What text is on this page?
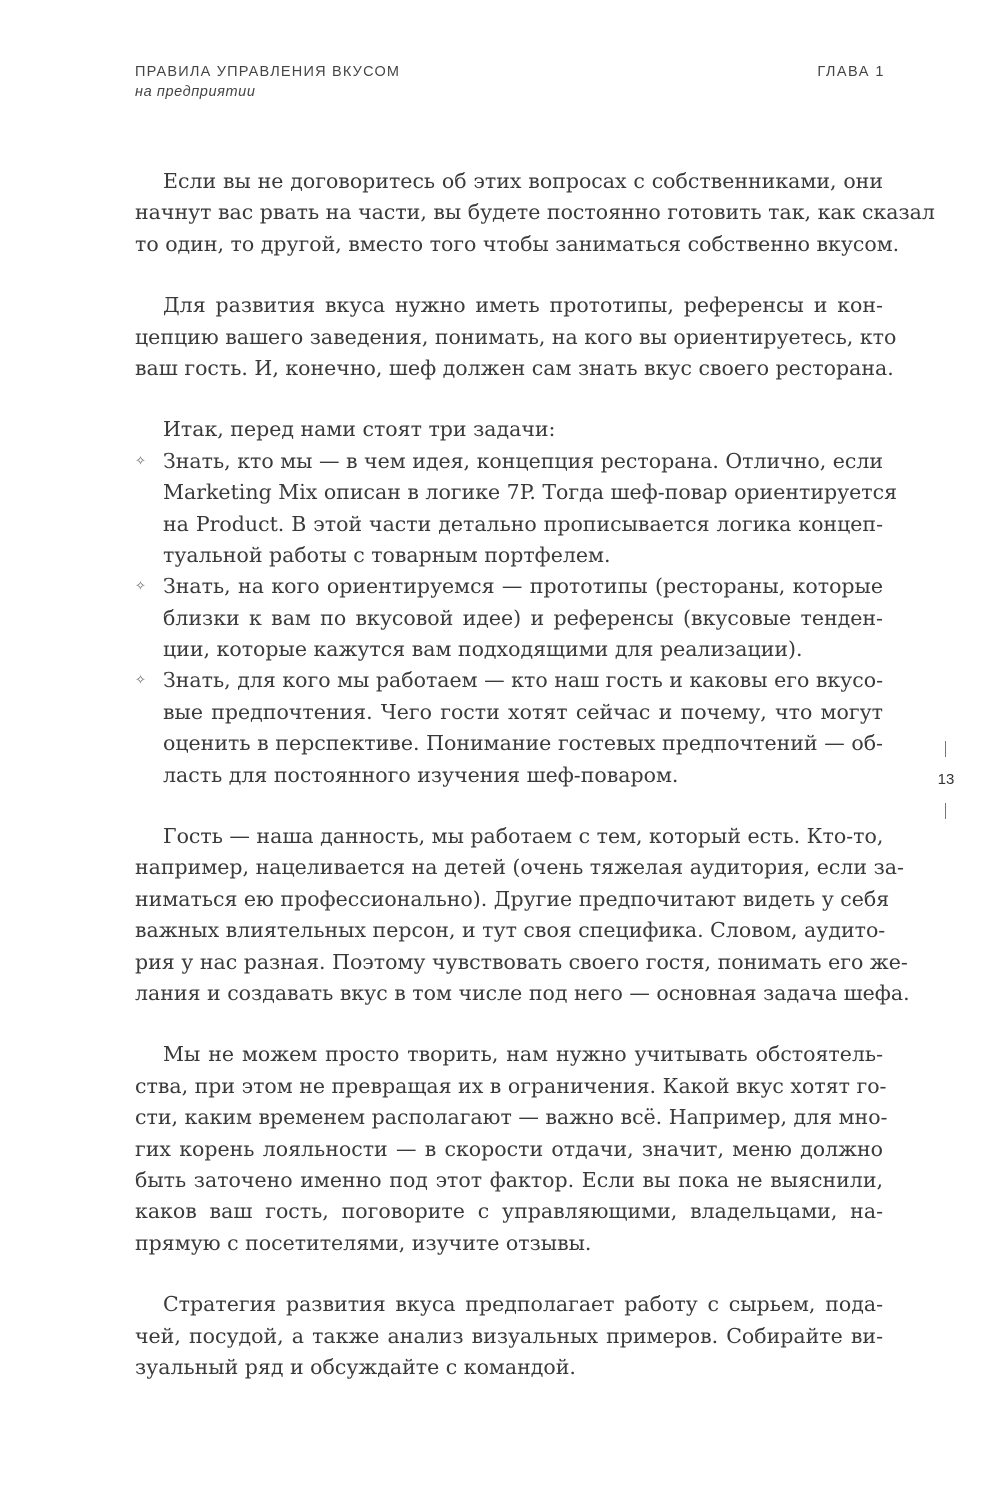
ПРАВИЛА УПРАВЛЕНИЯ ВКУСОМ
на предприятии
ГЛАВА 1
Если вы не договоритесь об этих вопросах с собственниками, они
начнут вас рвать на части, вы будете постоянно готовить так, как сказал
то один, то другой, вместо того чтобы заниматься собственно вкусом.
Для развития вкуса нужно иметь прототипы, референсы и кон-
цепцию вашего заведения, понимать, на кого вы ориентируетесь, кто
ваш гость. И, конечно, шеф должен сам знать вкус своего ресторана.
Итак, перед нами стоят три задачи:
✧ Знать, кто мы — в чем идея, концепция ресторана. Отлично, если
Marketing Mix описан в логике 7P. Тогда шеф-повар ориентируется
на Product. В этой части детально прописывается логика концеп-
туальной работы с товарным портфелем.
✧ Знать, на кого ориентируемся — прототипы (рестораны, которые
близки к вам по вкусовой идее) и референсы (вкусовые тенден-
ции, которые кажутся вам подходящими для реализации).
✧ Знать, для кого мы работаем — кто наш гость и каковы его вкусо-
вые предпочтения. Чего гости хотят сейчас и почему, что могут
оценить в перспективе. Понимание гостевых предпочтений — об-
ласть для постоянного изучения шеф-поваром.
Гость — наша данность, мы работаем с тем, который есть. Кто-то,
например, нацеливается на детей (очень тяжелая аудитория, если за-
ниматься ею профессионально). Другие предпочитают видеть у себя
важных влиятельных персон, и тут своя специфика. Словом, аудито-
рия у нас разная. Поэтому чувствовать своего гостя, понимать его же-
лания и создавать вкус в том числе под него — основная задача шефа.
Мы не можем просто творить, нам нужно учитывать обстоятель-
ства, при этом не превращая их в ограничения. Какой вкус хотят го-
сти, каким временем располагают — важно всё. Например, для мно-
гих корень лояльности — в скорости отдачи, значит, меню должно
быть заточено именно под этот фактор. Если вы пока не выяснили,
каков ваш гость, поговорите с управляющими, владельцами, на-
прямую с посетителями, изучите отзывы.
Стратегия развития вкуса предполагает работу с сырьем, пода-
чей, посудой, а также анализ визуальных примеров. Собирайте ви-
зуальный ряд и обсуждайте с командой.
13
